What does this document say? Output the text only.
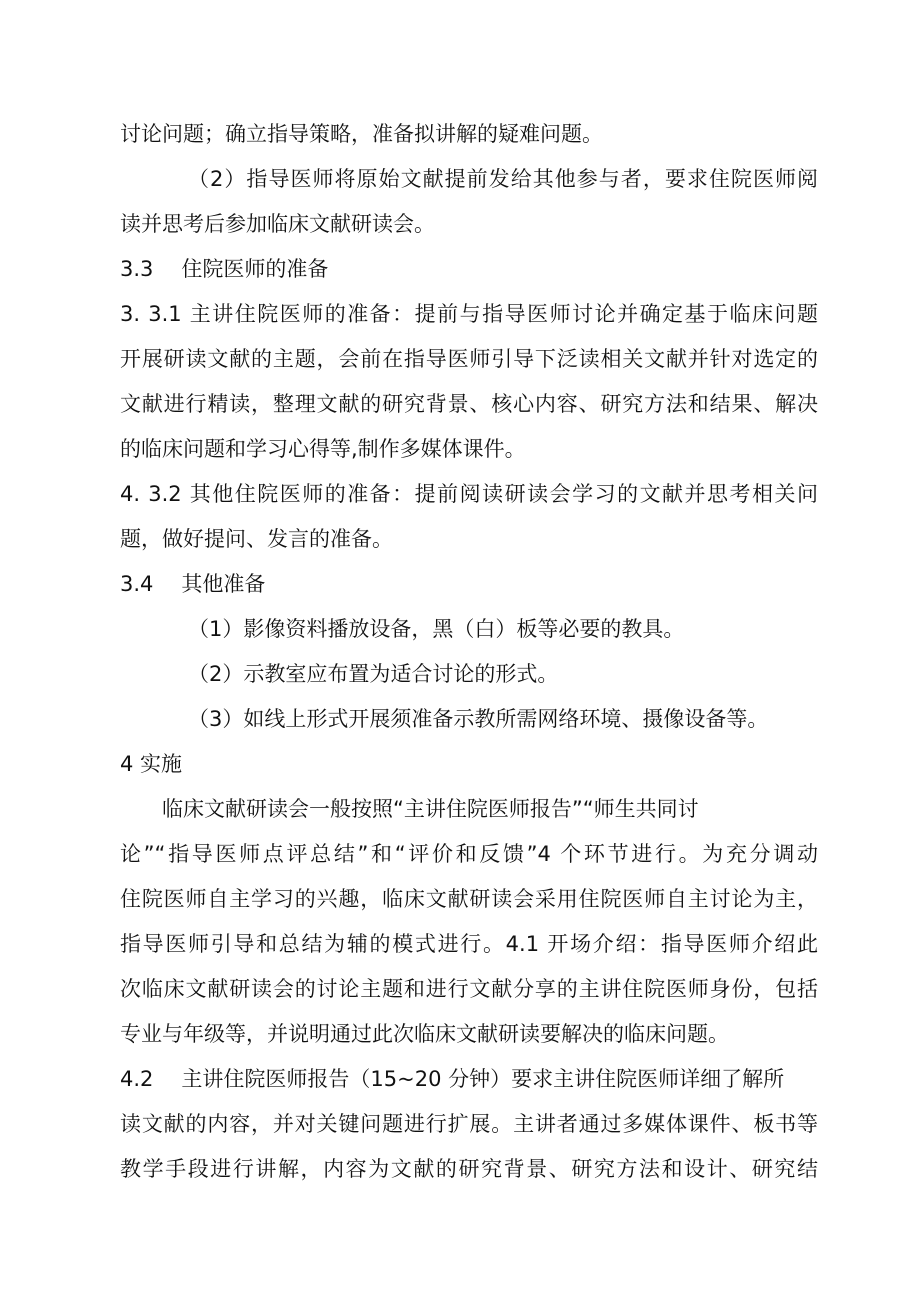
讨论问题；确立指导策略，准备拟讲解的疑难问题。
（2）指导医师将原始文献提前发给其他参与者，要求住院医师阅
读并思考后参加临床文献研读会。
3.3 住院医师的准备
3. 3.1 主讲住院医师的准备：提前与指导医师讨论并确定基于临床问题
开展研读文献的主题，会前在指导医师引导下泛读相关文献并针对选定的
文献进行精读，整理文献的研究背景、核心内容、研究方法和结果、解决
的临床问题和学习心得等,制作多媒体课件。
4. 3.2 其他住院医师的准备：提前阅读研读会学习的文献并思考相关问
题，做好提问、发言的准备。
3.4 其他准备
（1）影像资料播放设备，黑（白）板等必要的教具。
（2）示教室应布置为适合讨论的形式。
（3）如线上形式开展须准备示教所需网络环境、摄像设备等。
4 实施
临床文献研读会一般按照“主讲住院医师报告”“师生共同讨
论”“指导医师点评总结”和“评价和反馈”4 个环节进行。为充分调动
住院医师自主学习的兴趣，临床文献研读会采用住院医师自主讨论为主，
指导医师引导和总结为辅的模式进行。4.1 开场介绍：指导医师介绍此
次临床文献研读会的讨论主题和进行文献分享的主讲住院医师身份，包括
专业与年级等，并说明通过此次临床文献研读要解决的临床问题。
4.2 主讲住院医师报告（15~20 分钟）要求主讲住院医师详细了解所
读文献的内容，并对关键问题进行扩展。主讲者通过多媒体课件、板书等
教学手段进行讲解，内容为文献的研究背景、研究方法和设计、研究结
